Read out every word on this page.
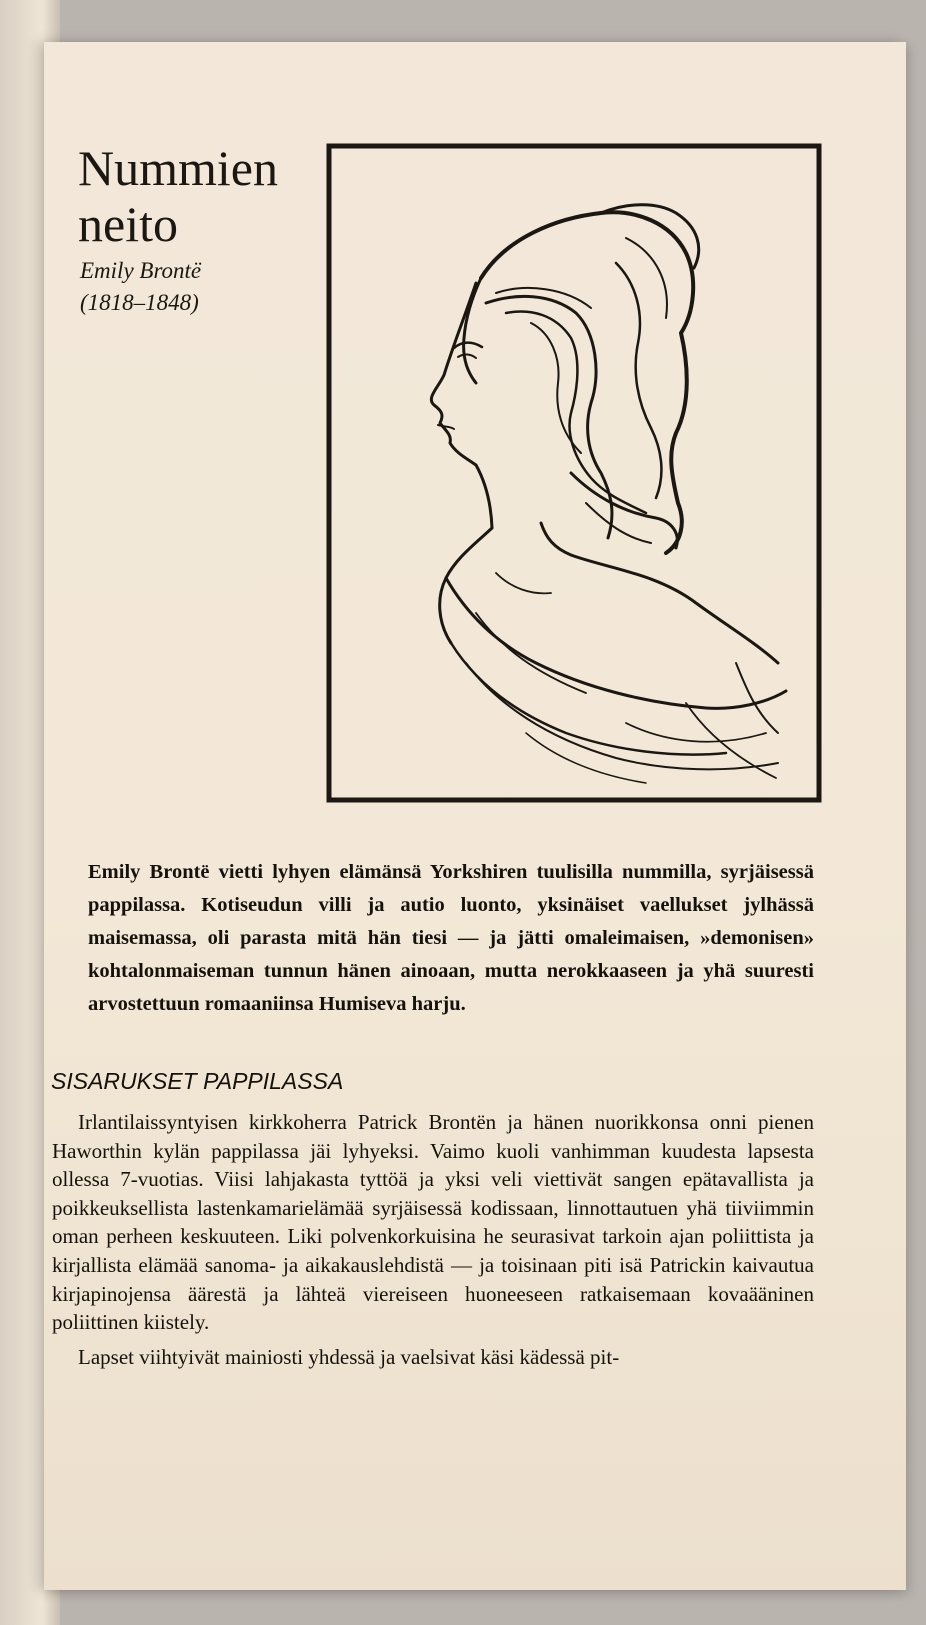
Nummien neito
Emily Brontë
(1818–1848)

Emily Brontë vietti lyhyen elämänsä Yorkshiren tuulisilla nummilla, syrjäisessä pappilassa. Kotiseudun villi ja autio luonto, yksinäiset vaellukset jylhässä maisemassa, oli parasta mitä hän tiesi — ja jätti omaleimaisen, »demonisen» kohtalonmaiseman tunnun hänen ainoaan, mutta nerokkaaseen ja yhä suuresti arvostettuun romaaniinsa Humiseva harju.

SISARUKSET PAPPILASSA

Irlantilaissyntyisen kirkkoherra Patrick Brontën ja hänen nuorikkonsa onni pienen Haworthin kylän pappilassa jäi lyhyeksi. Vaimo kuoli vanhimman kuudesta lapsesta ollessa 7-vuotias. Viisi lahjakasta tyttöä ja yksi veli viettivät sangen epätavallista ja poikkeuksellista lastenkamarielämää syrjäisessä kodissaan, linnottautuen yhä tiiviimmin oman perheen keskuuteen. Liki polvenkorkuisina he seurasivat tarkoin ajan poliittista ja kirjallista elämää sanoma- ja aikakauslehdistä — ja toisinaan piti isä Patrickin kaivautua kirjapinojensa äärestä ja lähteä viereiseen huoneeseen ratkaisemaan kovaääninen poliittinen kiistely.

Lapset viihtyivät mainiosti yhdessä ja vaelsivat käsi kädessä pit-
